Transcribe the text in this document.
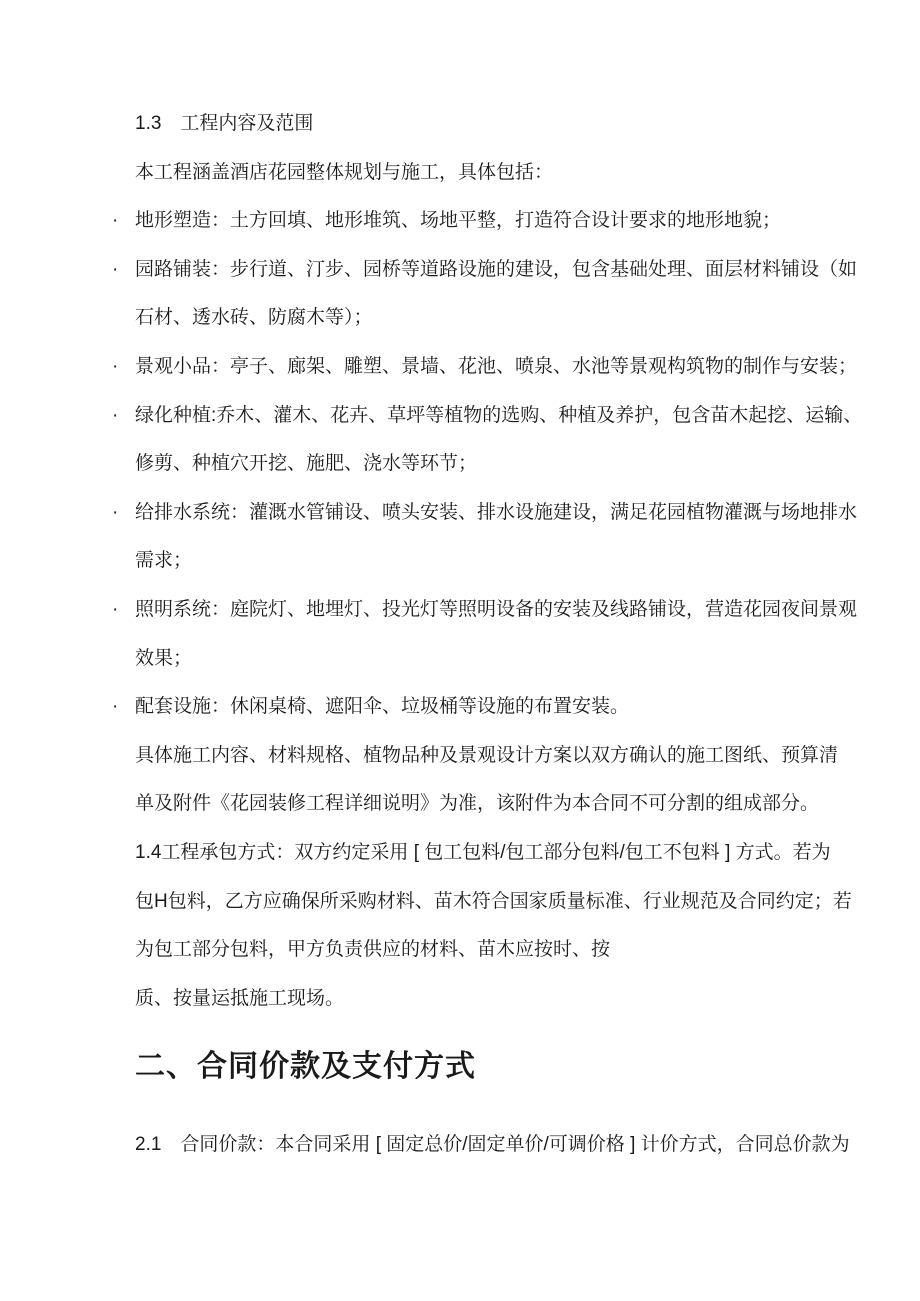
1.3　工程内容及范围
本工程涵盖酒店花园整体规划与施工，具体包括：
· 地形塑造：土方回填、地形堆筑、场地平整，打造符合设计要求的地形地貌；
· 园路铺装：步行道、汀步、园桥等道路设施的建设，包含基础处理、面层材料铺设（如
石材、透水砖、防腐木等）；
· 景观小品：亭子、廊架、雕塑、景墙、花池、喷泉、水池等景观构筑物的制作与安装；
· 绿化种植:乔木、灌木、花卉、草坪等植物的选购、种植及养护，包含苗木起挖、运输、
修剪、种植穴开挖、施肥、浇水等环节；
· 给排水系统：灌溉水管铺设、喷头安装、排水设施建设，满足花园植物灌溉与场地排水
需求；
· 照明系统：庭院灯、地埋灯、投光灯等照明设备的安装及线路铺设，营造花园夜间景观
效果；
· 配套设施：休闲桌椅、遮阳伞、垃圾桶等设施的布置安装。
具体施工内容、材料规格、植物品种及景观设计方案以双方确认的施工图纸、预算清
单及附件《花园装修工程详细说明》为准，该附件为本合同不可分割的组成部分。
1.4工程承包方式：双方约定采用 [ 包工包料/包工部分包料/包工不包料 ] 方式。若为
包H包料，乙方应确保所采购材料、苗木符合国家质量标准、行业规范及合同约定；若
为包工部分包料，甲方负责供应的材料、苗木应按时、按
质、按量运抵施工现场。
二、合同价款及支付方式
2.1　合同价款：本合同采用 [ 固定总价/固定单价/可调价格 ] 计价方式，合同总价款为
